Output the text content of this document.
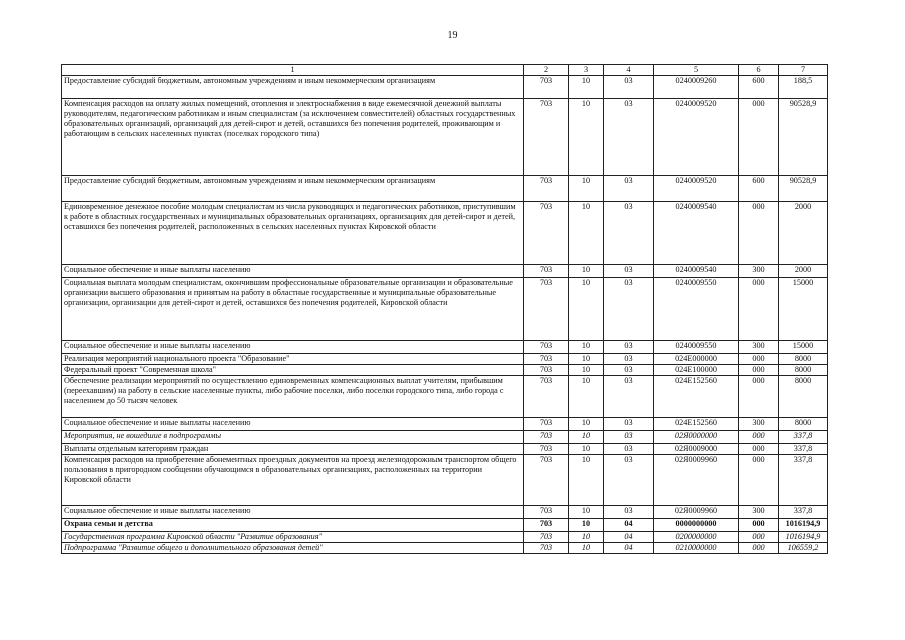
19
1	2	3	4	5	6	7
Предоставление субсидий бюджетным, автономным учреждениям и иным некоммерческим организациям	703	10	03	0240009260	600	188,5
Компенсация расходов на оплату жилых помещений, отопления и электроснабжения в виде ежемесячной денежной выплаты руководителям, педагогическим работникам и иным специалистам (за исключением совместителей) областных государственных образовательных организаций, организаций для детей-сирот и детей, оставшихся без попечения родителей, проживающим и работающим в сельских населенных пунктах (поселках городского типа)	703	10	03	0240009520	000	90528,9
Предоставление субсидий бюджетным, автономным учреждениям и иным некоммерческим организациям	703	10	03	0240009520	600	90528,9
Единовременное денежное пособие молодым специалистам из числа руководящих и педагогических работников, приступившим к работе в областных государственных и муниципальных образовательных организациях, организациях для детей-сирот и детей, оставшихся без попечения родителей, расположенных в сельских населенных пунктах Кировской области	703	10	03	0240009540	000	2000
Социальное обеспечение и иные выплаты населению	703	10	03	0240009540	300	2000
Социальная выплата молодым специалистам, окончившим профессиональные образовательные организации и образовательные организации высшего образования и принятым на работу в областные государственные и муниципальные образовательные организации, организации для детей-сирот и детей, оставшихся без попечения родителей, Кировской области	703	10	03	0240009550	000	15000
Социальное обеспечение и иные выплаты населению	703	10	03	0240009550	300	15000
Реализация мероприятий национального проекта "Образование"	703	10	03	024E000000	000	8000
Федеральный проект "Современная школа"	703	10	03	024E100000	000	8000
Обеспечение реализации мероприятий по осуществлению единовременных компенсационных выплат учителям, прибывшим (переехавшим) на работу в сельские населенные пункты, либо рабочие поселки, либо поселки городского типа, либо города с населением до 50 тысяч человек	703	10	03	024E152560	000	8000
Социальное обеспечение и иные выплаты населению	703	10	03	024E152560	300	8000
Мероприятия, не вошедшие в подпрограммы	703	10	03	02Я0000000	000	337,8
Выплаты отдельным категориям граждан	703	10	03	02Я0009000	000	337,8
Компенсация расходов на приобретение абонементных проездных документов на проезд железнодорожным транспортом общего пользования в пригородном сообщении обучающимся в образовательных организациях, расположенных на территории Кировской области	703	10	03	02Я0009960	000	337,8
Социальное обеспечение и иные выплаты населению	703	10	03	02Я0009960	300	337,8
Охрана семьи и детства	703	10	04	0000000000	000	1016194,9
Государственная программа Кировской области "Развитие образования"	703	10	04	0200000000	000	1016194,9
Подпрограмма "Развитие общего и дополнительного образования детей"	703	10	04	0210000000	000	106559,2
